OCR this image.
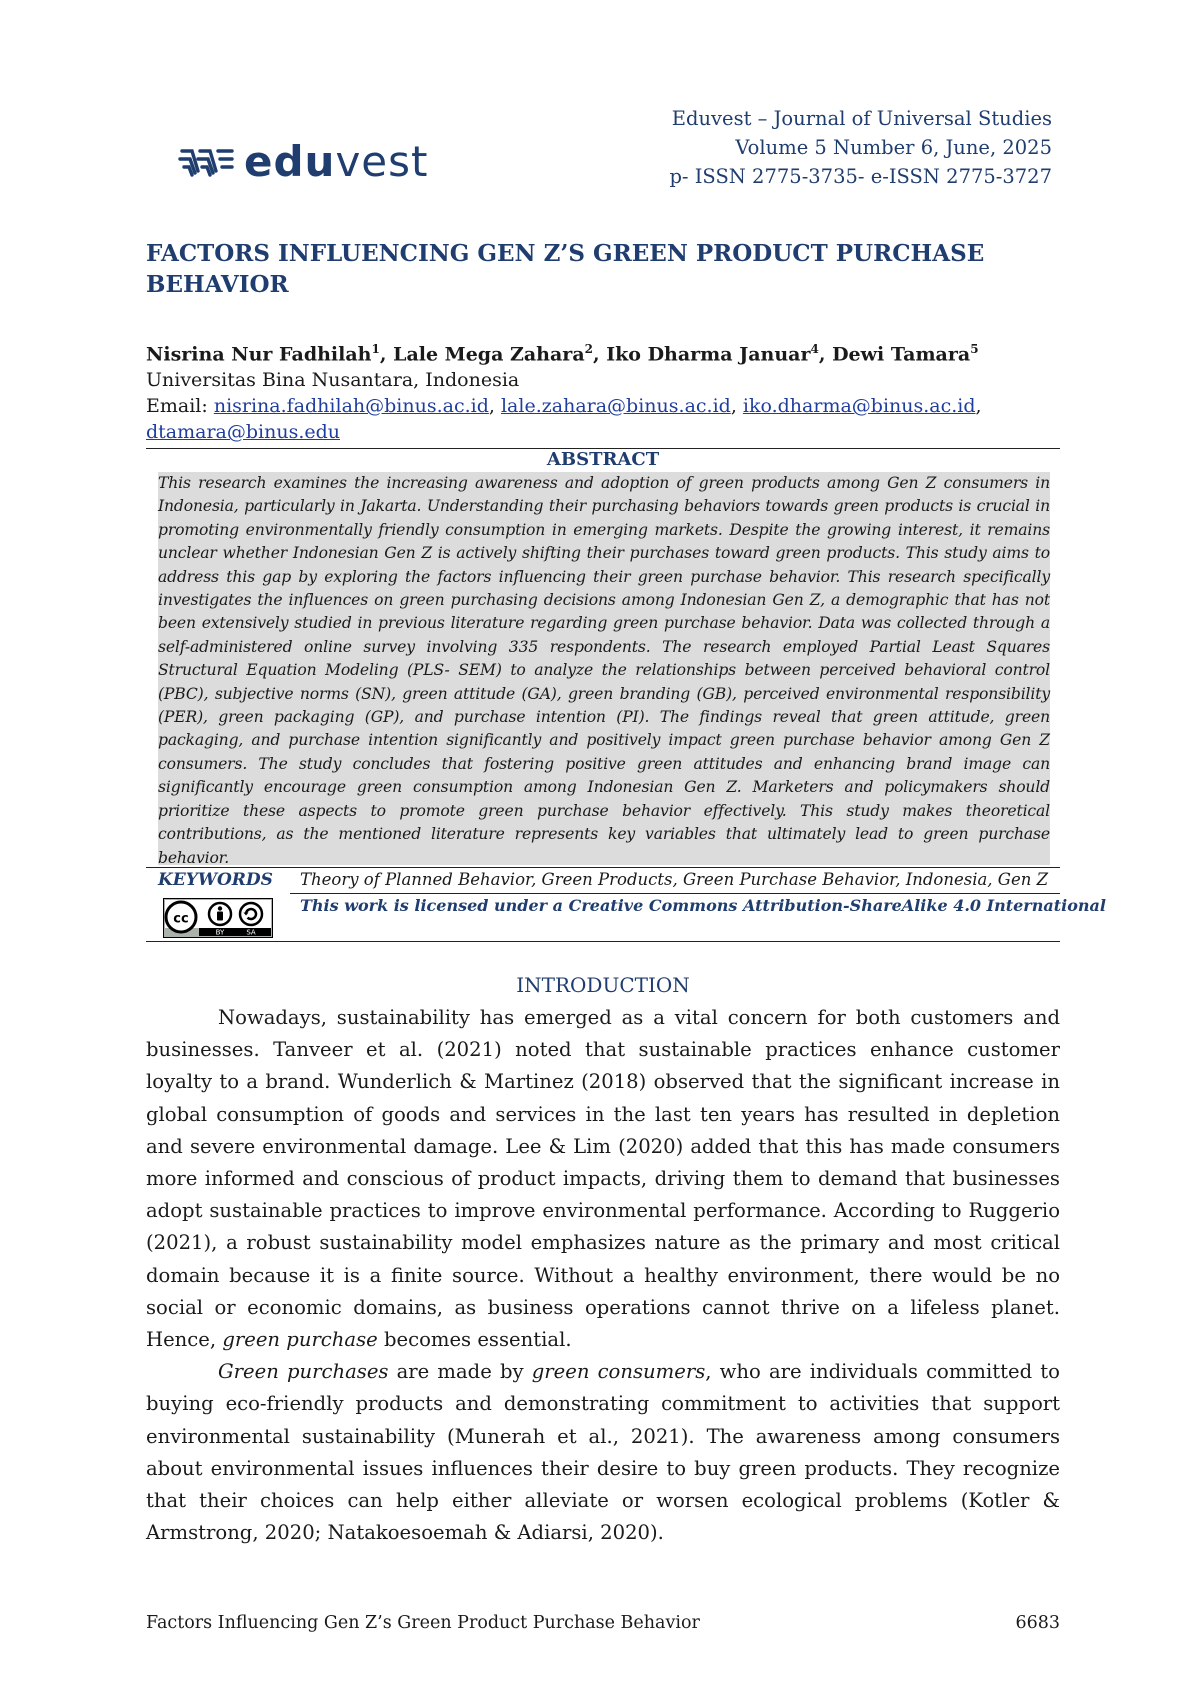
Eduvest – Journal of Universal Studies
Volume 5 Number 6, June, 2025
p- ISSN 2775-3735- e-ISSN 2775-3727
eduvest
FACTORS INFLUENCING GEN Z’S GREEN PRODUCT PURCHASE BEHAVIOR
Nisrina Nur Fadhilah$^1$, Lale Mega Zahara$^2$, Iko Dharma Januar$^4$, Dewi Tamara$^5$
Universitas Bina Nusantara, Indonesia
Email: nisrina.fadhilah@binus.ac.id, lale.zahara@binus.ac.id, iko.dharma@binus.ac.id, dtamara@binus.edu
ABSTRACT

This research examines the increasing awareness and adoption of green products among Gen Z consumers in Indonesia, particularly in Jakarta. Understanding their purchasing behaviors towards green products is crucial in promoting environmentally friendly consumption in emerging markets. Despite the growing interest, it remains unclear whether Indonesian Gen Z is actively shifting their purchases toward green products. This study aims to address this gap by exploring the factors influencing their green purchase behavior. This research specifically investigates the influences on green purchasing decisions among Indonesian Gen Z, a demographic that has not been extensively studied in previous literature regarding green purchase behavior. Data was collected through a self-administered online survey involving 335 respondents. The research employed Partial Least Squares Structural Equation Modeling (PLS- SEM) to analyze the relationships between perceived behavioral control (PBC), subjective norms (SN), green attitude (GA), green branding (GB), perceived environmental responsibility (PER), green packaging (GP), and purchase intention (PI). The findings reveal that green attitude, green packaging, and purchase intention significantly and positively impact green purchase behavior among Gen Z consumers. The study concludes that fostering positive green attitudes and enhancing brand image can significantly encourage green consumption among Indonesian Gen Z. Marketers and policymakers should prioritize these aspects to promote green purchase behavior effectively. This study makes theoretical contributions, as the mentioned literature represents key variables that ultimately lead to green purchase behavior.

KEYWORDS Theory of Planned Behavior, Green Products, Green Purchase Behavior, Indonesia, Gen Z
cc
BY	SA
This work is licensed under a Creative Commons Attribution-ShareAlike 4.0 International
INTRODUCTION

Nowadays, sustainability has emerged as a vital concern for both customers and businesses. Tanveer et al. (2021) noted that sustainable practices enhance customer loyalty to a brand. Wunderlich & Martinez (2018) observed that the significant increase in global consumption of goods and services in the last ten years has resulted in depletion and severe environmental damage. Lee & Lim (2020) added that this has made consumers more informed and conscious of product impacts, driving them to demand that businesses adopt sustainable practices to improve environmental performance. According to Ruggerio (2021), a robust sustainability model emphasizes nature as the primary and most critical domain because it is a finite source. Without a healthy environment, there would be no social or economic domains, as business operations cannot thrive on a lifeless planet. Hence, green purchase becomes essential.

Green purchases are made by green consumers, who are individuals committed to buying eco-friendly products and demonstrating commitment to activities that support environmental sustainability (Munerah et al., 2021). The awareness among consumers about environmental issues influences their desire to buy green products. They recognize that their choices can help either alleviate or worsen ecological problems (Kotler & Armstrong, 2020; Natakoesoemah & Adiarsi, 2020).

Factors Influencing Gen Z’s Green Product Purchase Behavior	6683
